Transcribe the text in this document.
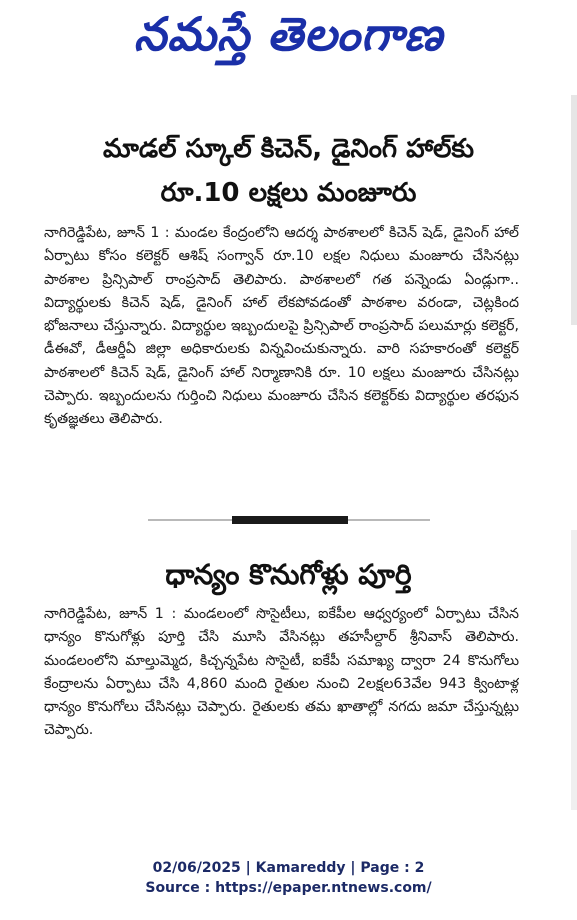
నమస్తే తెలంగాణ
మాడల్ స్కూల్ కిచెన్, డైనింగ్ హాల్‌కు
రూ.10 లక్షలు మంజూరు
నాగిరెడ్డిపేట, జూన్ 1 : మండల కేంద్రంలోని ఆదర్శ పాఠశాలలో కిచెన్ షెడ్, డైనింగ్ హాల్ ఏర్పాటు కోసం కలెక్టర్ ఆశిష్ సంగ్వాన్ రూ.10 లక్షల నిధులు మంజూరు చేసినట్లు పాఠశాల ప్రిన్సిపాల్ రాంప్రసాద్ తెలిపారు. పాఠశాలలో గత పన్నెండు ఏండ్లుగా.. విద్యార్థులకు కిచెన్ షెడ్, డైనింగ్ హాల్ లేకపోవడంతో పాఠశాల వరండా, చెట్లకింద భోజనాలు చేస్తున్నారు. విద్యార్థుల ఇబ్బందులపై ప్రిన్సిపాల్ రాంప్రసాద్ పలుమార్లు కలెక్టర్, డీఈవో, డీఆర్డీఏ జిల్లా అధికారులకు విన్నవించుకున్నారు. వారి సహకారంతో కలెక్టర్ పాఠశాలలో కిచెన్ షెడ్, డైనింగ్ హాల్ నిర్మాణానికి రూ. 10 లక్షలు మంజూరు చేసినట్లు చెప్పారు. ఇబ్బందులను గుర్తించి నిధులు మంజూరు చేసిన కలెక్టర్‌కు విద్యార్థుల తరఫున కృతజ్ఞతలు తెలిపారు.
ధాన్యం కొనుగోళ్లు పూర్తి
నాగిరెడ్డిపేట, జూన్ 1 : మండలంలో సొసైటీలు, ఐకేపీల ఆధ్వర్యంలో ఏర్పాటు చేసిన ధాన్యం కొనుగోళ్లు పూర్తి చేసి మూసి వేసినట్లు తహసీల్దార్ శ్రీనివాస్ తెలిపారు. మండలంలోని మాల్తుమ్మెద, కిచ్చన్నపేట సొసైటీ, ఐకేపీ సమాఖ్య ద్వారా 24 కొనుగోలు కేంద్రాలను ఏర్పాటు చేసి 4,860 మంది రైతుల నుంచి 2లక్షల63వేల 943 క్వింటాళ్ల ధాన్యం కొనుగోలు చేసినట్లు చెప్పారు. రైతులకు తమ ఖాతాల్లో నగదు జమా చేస్తున్నట్లు చెప్పారు.
02/06/2025 | Kamareddy | Page : 2
Source : https://epaper.ntnews.com/
